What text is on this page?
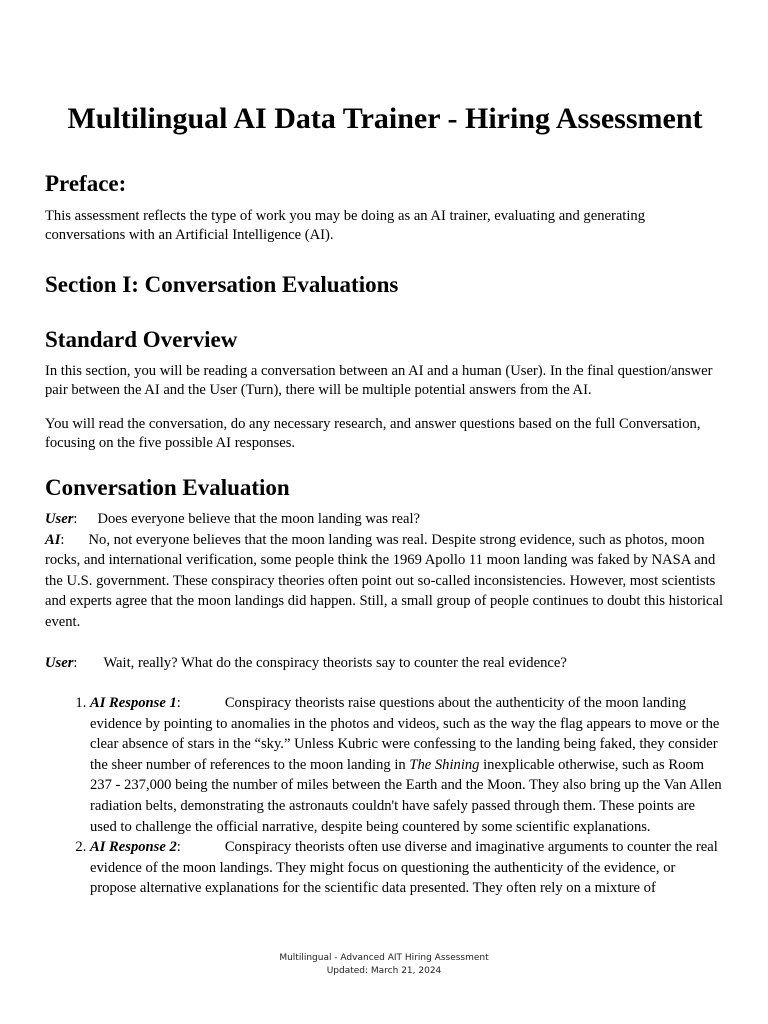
Multilingual AI Data Trainer - Hiring Assessment
Preface:

This assessment reflects the type of work you may be doing as an AI trainer, evaluating and generating conversations with an Artificial Intelligence (AI).

Section I: Conversation Evaluations
Standard Overview

In this section, you will be reading a conversation between an AI and a human (User). In the final question/answer pair between the AI and the User (Turn), there will be multiple potential answers from the AI.

You will read the conversation, do any necessary research, and answer questions based on the full Conversation, focusing on the five possible AI responses.

Conversation Evaluation

User: Does everyone believe that the moon landing was real?
AI: No, not everyone believes that the moon landing was real. Despite strong evidence, such as photos, moon rocks, and international verification, some people think the 1969 Apollo 11 moon landing was faked by NASA and the U.S. government. These conspiracy theories often point out so-called inconsistencies. However, most scientists and experts agree that the moon landings did happen. Still, a small group of people continues to doubt this historical event.

User: Wait, really? What do the conspiracy theorists say to counter the real evidence?

1. AI Response 1:	Conspiracy theorists raise questions about the authenticity of the moon landing evidence by pointing to anomalies in the photos and videos, such as the way the flag appears to move or the clear absence of stars in the “sky.” Unless Kubric were confessing to the landing being faked, they consider the sheer number of references to the moon landing in The Shining inexplicable otherwise, such as Room 237 - 237,000 being the number of miles between the Earth and the Moon. They also bring up the Van Allen radiation belts, demonstrating the astronauts couldn't have safely passed through them. These points are used to challenge the official narrative, despite being countered by some scientific explanations.
2. AI Response 2:	Conspiracy theorists often use diverse and imaginative arguments to counter the real evidence of the moon landings. They might focus on questioning the authenticity of the evidence, or propose alternative explanations for the scientific data presented. They often rely on a mixture of
Multilingual - Advanced AIT Hiring Assessment
Updated: March 21, 2024
